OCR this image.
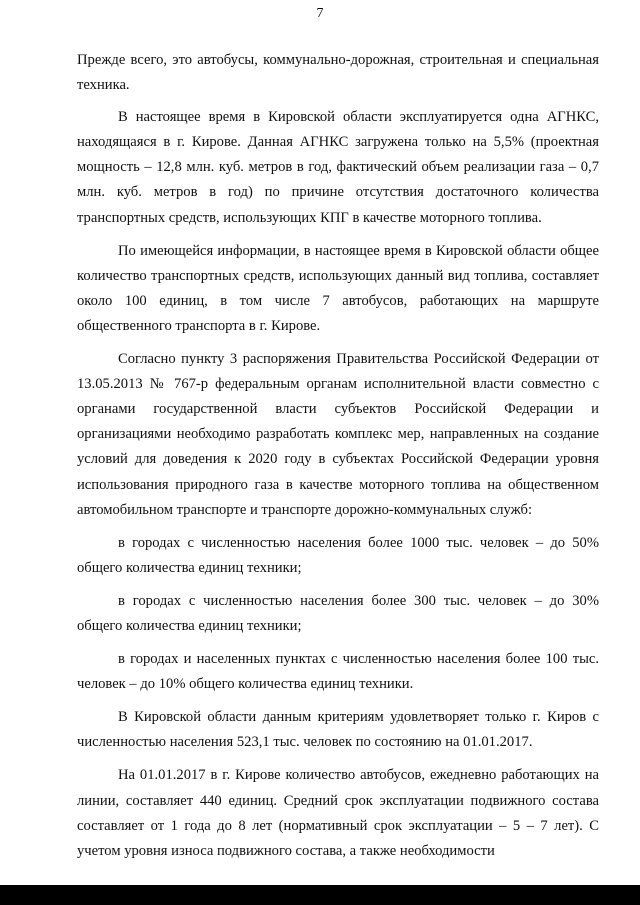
7

Прежде всего, это автобусы, коммунально-дорожная, строительная и специальная техника.

В настоящее время в Кировской области эксплуатируется одна АГНКС, находящаяся в г. Кирове. Данная АГНКС загружена только на 5,5% (проектная мощность – 12,8 млн. куб. метров в год, фактический объем реализации газа – 0,7 млн. куб. метров в год) по причине отсутствия достаточного количества транспортных средств, использующих КПГ в качестве моторного топлива.

По имеющейся информации, в настоящее время в Кировской области общее количество транспортных средств, использующих данный вид топлива, составляет около 100 единиц, в том числе 7 автобусов, работающих на маршруте общественного транспорта в г. Кирове.

Согласно пункту 3 распоряжения Правительства Российской Федерации от 13.05.2013 № 767-р федеральным органам исполнительной власти совместно с органами государственной власти субъектов Российской Федерации и организациями необходимо разработать комплекс мер, направленных на создание условий для доведения к 2020 году в субъектах Российской Федерации уровня использования природного газа в качестве моторного топлива на общественном автомобильном транспорте и транспорте дорожно-коммунальных служб:

в городах с численностью населения более 1000 тыс. человек – до 50% общего количества единиц техники;

в городах с численностью населения более 300 тыс. человек – до 30% общего количества единиц техники;

в городах и населенных пунктах с численностью населения более 100 тыс. человек – до 10% общего количества единиц техники.

В Кировской области данным критериям удовлетворяет только г. Киров с численностью населения 523,1 тыс. человек по состоянию на 01.01.2017.

На 01.01.2017 в г. Кирове количество автобусов, ежедневно работающих на линии, составляет 440 единиц. Средний срок эксплуатации подвижного состава составляет от 1 года до 8 лет (нормативный срок эксплуатации – 5 – 7 лет). С учетом уровня износа подвижного состава, а также необходимости
